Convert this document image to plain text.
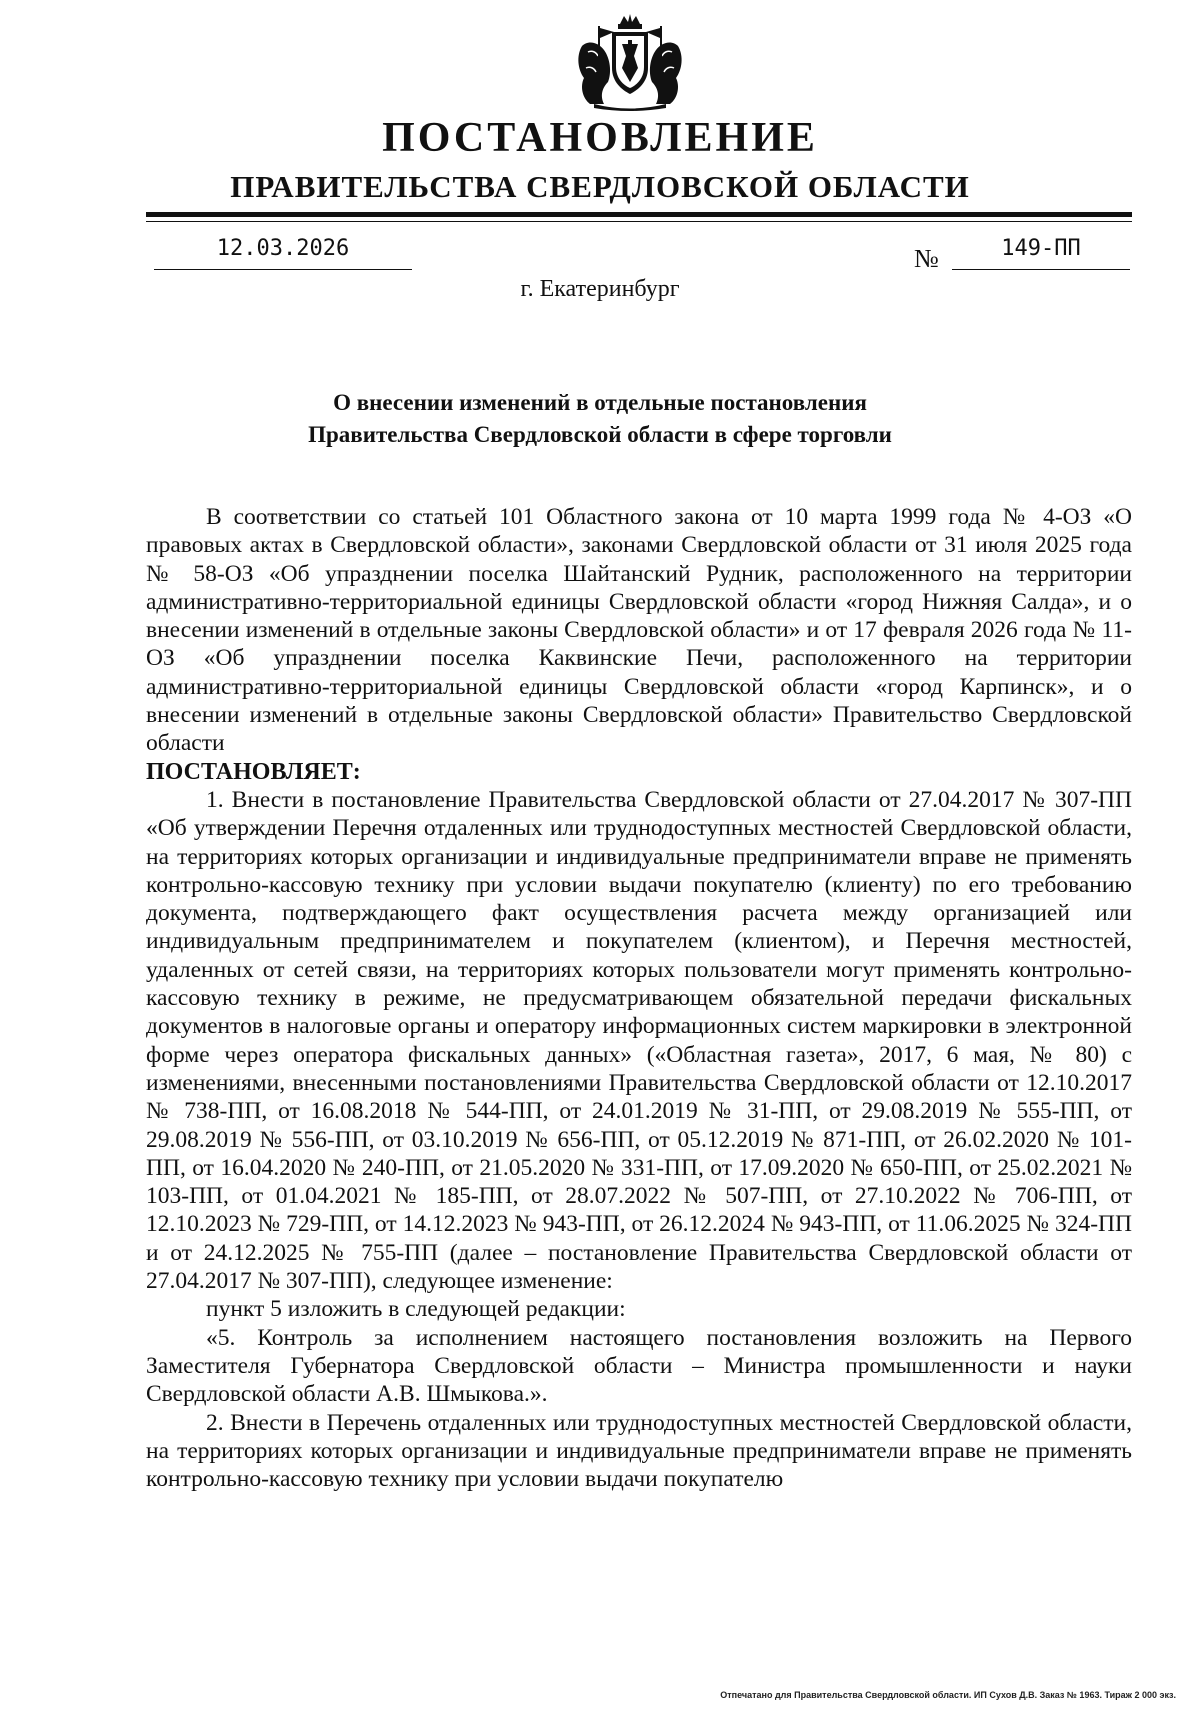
ПОСТАНОВЛЕНИЕ
ПРАВИТЕЛЬСТВА СВЕРДЛОВСКОЙ ОБЛАСТИ
12.03.2026	№	149-ПП
г. Екатеринбург
О внесении изменений в отдельные постановления
Правительства Свердловской области в сфере торговли

В соответствии со статьей 101 Областного закона от 10 марта 1999 года № 4-ОЗ «О правовых актах в Свердловской области», законами Свердловской области от 31 июля 2025 года № 58-ОЗ «Об упразднении поселка Шайтанский Рудник, расположенного на территории административно-территориальной единицы Свердловской области «город Нижняя Салда», и о внесении изменений в отдельные законы Свердловской области» и от 17 февраля 2026 года № 11-ОЗ «Об упразднении поселка Каквинские Печи, расположенного на территории административно-территориальной единицы Свердловской области «город Карпинск», и о внесении изменений в отдельные законы Свердловской области» Правительство Свердловской области

ПОСТАНОВЛЯЕТ:

1. Внести в постановление Правительства Свердловской области от 27.04.2017 № 307-ПП «Об утверждении Перечня отдаленных или труднодоступных местностей Свердловской области, на территориях которых организации и индивидуальные предприниматели вправе не применять контрольно-кассовую технику при условии выдачи покупателю (клиенту) по его требованию документа, подтверждающего факт осуществления расчета между организацией или индивидуальным предпринимателем и покупателем (клиентом), и Перечня местностей, удаленных от сетей связи, на территориях которых пользователи могут применять контрольно-кассовую технику в режиме, не предусматривающем обязательной передачи фискальных документов в налоговые органы и оператору информационных систем маркировки в электронной форме через оператора фискальных данных» («Областная газета», 2017, 6 мая, № 80) с изменениями, внесенными постановлениями Правительства Свердловской области от 12.10.2017 № 738-ПП, от 16.08.2018 № 544-ПП, от 24.01.2019 № 31-ПП, от 29.08.2019 № 555-ПП, от 29.08.2019 № 556-ПП, от 03.10.2019 № 656-ПП, от 05.12.2019 № 871-ПП, от 26.02.2020 № 101-ПП, от 16.04.2020 № 240-ПП, от 21.05.2020 № 331-ПП, от 17.09.2020 № 650-ПП, от 25.02.2021 № 103-ПП, от 01.04.2021 № 185-ПП, от 28.07.2022 № 507-ПП, от 27.10.2022 № 706-ПП, от 12.10.2023 № 729-ПП, от 14.12.2023 № 943-ПП, от 26.12.2024 № 943-ПП, от 11.06.2025 № 324-ПП и от 24.12.2025 № 755-ПП (далее – постановление Правительства Свердловской области от 27.04.2017 № 307-ПП), следующее изменение:

пункт 5 изложить в следующей редакции:

«5. Контроль за исполнением настоящего постановления возложить на Первого Заместителя Губернатора Свердловской области – Министра промышленности и науки Свердловской области А.В. Шмыкова.».

2. Внести в Перечень отдаленных или труднодоступных местностей Свердловской области, на территориях которых организации и индивидуальные предприниматели вправе не применять контрольно-кассовую технику при условии выдачи покупателю

Отпечатано для Правительства Свердловской области. ИП Сухов Д.В. Заказ № 1963. Тираж 2 000 экз.
